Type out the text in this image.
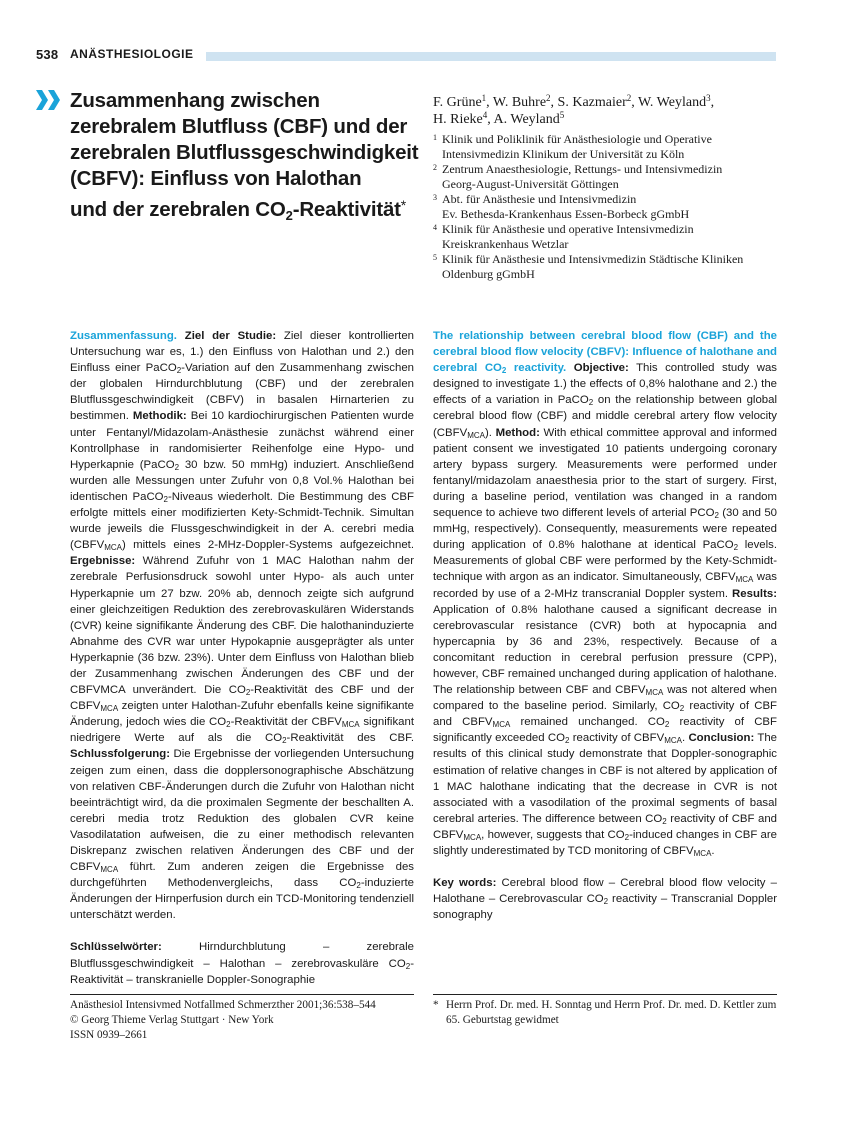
538 ANÄSTHESIOLOGIE
Zusammenhang zwischen
zerebralem Blutfluss (CBF) und der
zerebralen Blutflussgeschwindigkeit
(CBFV): Einfluss von Halothan
und der zerebralen $CO_2-Reaktivität^*$
F. Grüne$^1$, W. Buhre$^2$, S. Kazmaier$^2$, W. Weyland$^3$,
H. Rieke$^4$, A. Weyland$^5$
1 Klinik und Poliklinik für Anästhesiologie und Operative
Intensivmedizin Klinikum der Universität zu Köln
2 Zentrum Anaesthesiologie, Rettungs- und Intensivmedizin
Georg-August-Universität Göttingen
3 Abt. für Anästhesie und Intensivmedizin
Ev. Bethesda-Krankenhaus Essen-Borbeck gGmbH
4 Klinik für Anästhesie und operative Intensivmedizin
Kreiskrankenhaus Wetzlar
5 Klinik für Anästhesie und Intensivmedizin Städtische Kliniken
Oldenburg gGmbH
Zusammenfassung. Ziel der Studie: Ziel dieser kontrollierten Untersuchung war es, 1.) den Einfluss von Halothan und 2.) den Einfluss einer PaCO$_2$-Variation auf den Zusammenhang zwischen der globalen Hirndurchblutung (CBF) und der zerebralen Blutflussgeschwindigkeit (CBFV) in basalen Hirnarterien zu bestimmen. Methodik: Bei 10 kardiochirurgischen Patienten wurde unter Fentanyl/Midazolam-Anästhesie zunächst während einer Kontrollphase in randomisierter Reihenfolge eine Hypo- und Hyperkapnie (PaCO$_2$ 30 bzw. 50 mmHg) induziert. Anschließend wurden alle Messungen unter Zufuhr von 0,8 Vol.% Halothan bei identischen PaCO$_2$-Niveaus wiederholt. Die Bestimmung des CBF erfolgte mittels einer modifizierten Kety-Schmidt-Technik. Simultan wurde jeweils die Flussgeschwindigkeit in der A. cerebri media $(CBFV_{MCA})$ mittels eines 2-MHz-Doppler-Systems aufgezeichnet. Ergebnisse: Während Zufuhr von 1 MAC Halothan nahm der zerebrale Perfusionsdruck sowohl unter Hypo- als auch unter Hyperkapnie um 27 bzw. 20% ab, dennoch zeigte sich aufgrund einer gleichzeitigen Reduktion des zerebrovaskulären Widerstands (CVR) keine signifikante Änderung des CBF. Die halothaninduzierte Abnahme des CVR war unter Hypokapnie ausgeprägter als unter Hyperkapnie (36 bzw. 23%). Unter dem Einfluss von Halothan blieb der Zusammenhang zwischen Änderungen des CBF und der CBFVMCA unverändert. Die $CO_2$-Reaktivität des CBF und der $CBFV_{MCA}$ zeigten unter Halothan-Zufuhr ebenfalls keine signifikante Änderung, jedoch wies die $CO_2$-Reaktivität der $CBFV_{MCA}$ signifikant niedrigere Werte auf als die $CO_2$-Reaktivität des CBF. Schlussfolgerung: Die Ergebnisse der vorliegenden Untersuchung zeigen zum einen, dass die dopplersonographische Abschätzung von relativen CBF-Änderungen durch die Zufuhr von Halothan nicht beeinträchtigt wird, da die proximalen Segmente der beschallten A. cerebri media trotz Reduktion des globalen CVR keine Vasodilatation aufweisen, die zu einer methodisch relevanten Diskrepanz zwischen relativen Änderungen des CBF und der $CBFV_{MCA}$ führt. Zum anderen zeigen die Ergebnisse des durchgeführten Methodenvergleichs, dass $CO_2$-induzierte Änderungen der Hirnperfusion durch ein TCD-Monitoring tendenziell unterschätzt werden.
Schlüsselwörter: Hirndurchblutung – zerebrale Blutflussgeschwindigkeit – Halothan – zerebrovaskuläre $CO_2$-Reaktivität – transkranielle Doppler-Sonographie
The relationship between cerebral blood flow (CBF) and the cerebral blood flow velocity (CBFV): Influence of halothane and cerebral $CO_2$ reactivity. Objective: This controlled study was designed to investigate 1.) the effects of 0,8% halothane and 2.) the effects of a variation in PaCO$_2$ on the relationship between global cerebral blood flow (CBF) and middle cerebral artery flow velocity $(CBFV_{MCA})$. Method: With ethical committee approval and informed patient consent we investigated 10 patients undergoing coronary artery bypass surgery. Measurements were performed under fentanyl/midazolam anaesthesia prior to the start of surgery. First, during a baseline period, ventilation was changed in a random sequence to achieve two different levels of arterial $PCO_2$ (30 and 50 mmHg, respectively). Consequently, measurements were repeated during application of 0.8% halothane at identical PaCO$_2$ levels. Measurements of global CBF were performed by the Kety-Schmidt-technique with argon as an indicator. Simultaneously, $CBFV_{MCA}$ was recorded by use of a 2-MHz transcranial Doppler system. Results: Application of 0.8% halothane caused a significant decrease in cerebrovascular resistance (CVR) both at hypocapnia and hypercapnia by 36 and 23%, respectively. Because of a concomitant reduction in cerebral perfusion pressure (CPP), however, CBF remained unchanged during application of halothane. The relationship between CBF and $CBFV_{MCA}$ was not altered when compared to the baseline period. Similarly, $CO_2$ reactivity of CBF and $CBFV_{MCA}$ remained unchanged. $CO_2$ reactivity of CBF significantly exceeded $CO_2$ reactivity of $CBFV_{MCA}$. Conclusion: The results of this clinical study demonstrate that Doppler-sonographic estimation of relative changes in CBF is not altered by application of 1 MAC halothane indicating that the decrease in CVR is not associated with a vasodilation of the proximal segments of basal cerebral arteries. The difference between $CO_2$ reactivity of CBF and $CBFV_{MCA}$, however, suggests that $CO_2$-induced changes in CBF are slightly underestimated by TCD monitoring of $CBFV_{MCA}$.
Key words: Cerebral blood flow – Cerebral blood flow velocity – Halothane – Cerebrovascular $CO_2$ reactivity – Transcranial Doppler sonography
Anästhesiol Intensivmed Notfallmed Schmerzther 2001;36:538–544
© Georg Thieme Verlag Stuttgart · New York
ISSN 0939–2661
* Herrn Prof. Dr. med. H. Sonntag und Herrn Prof. Dr. med. D. Kettler zum 65. Geburtstag gewidmet
